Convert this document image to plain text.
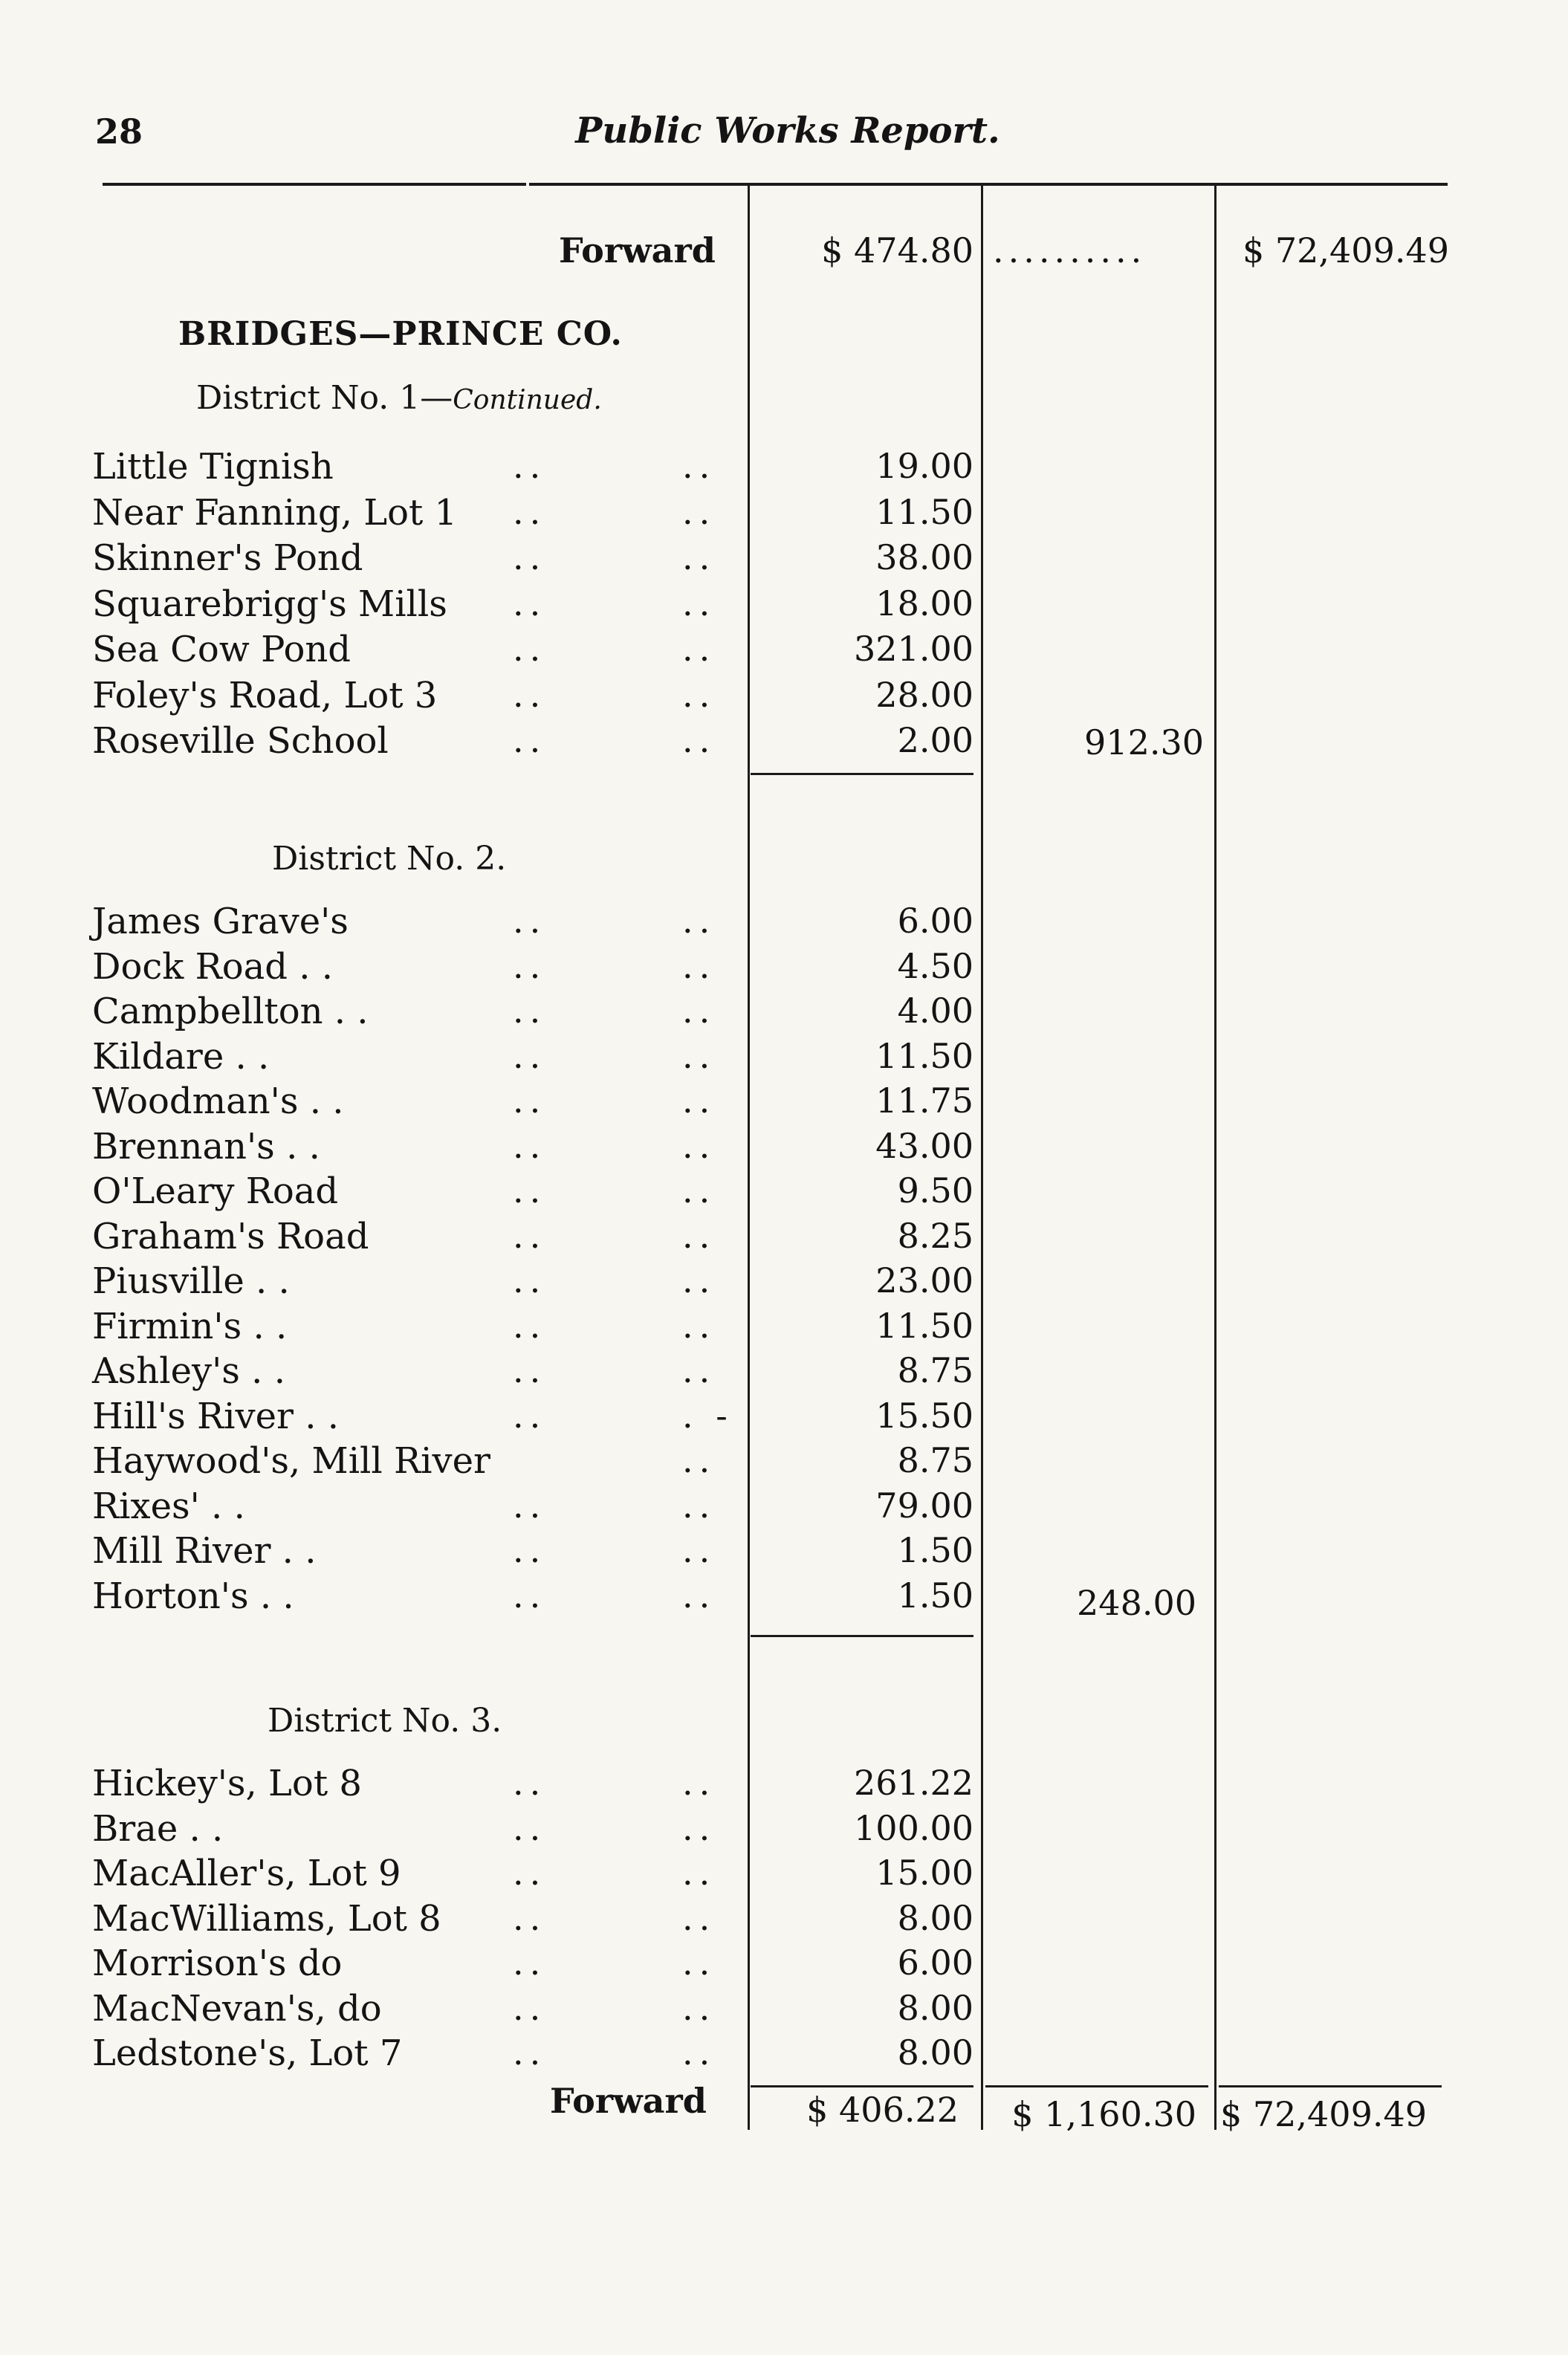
28	Public Works Report.
Forward	$ 474.80 ..........	$ 72,409.49
BRIDGES—PRINCE CO.
District No. 1—Continued.
Little Tignish	..	..	19.00
Near Fanning, Lot 1 ..	..	11.50
Skinner's Pond	..	..	38.00
Squarebrigg's Mills ..	..	18.00
Sea Cow Pond	..	..	321.00
Foley's Road, Lot 3 ..	..	28.00
Roseville School	..	..	2.00	912.30
District No. 2.
James Grave's	..	..	6.00
Dock Road . .	..	..	4.50
Campbellton . .	..	..	4.00
Kildare . .	..	..	11.50
Woodman's . .	..	..	11.75
Brennan's . .	..	..	43.00
O'Leary Road	..	..	9.50
Graham's Road	..	..	8.25
Piusville . .	..	..	23.00
Firmin's . .	..	..	11.50
Ashley's . .	..	..	8.75
Hill's River . .	..	. -	15.50
Haywood's, Mill River	..	8.75
Rixes' . .	..	..	79.00
Mill River . .	..	..	1.50
Horton's . .	..	..	1.50	248.00
District No. 3.
Hickey's, Lot 8	..	..	261.22
Brae . .	..	..	100.00
MacAller's, Lot 9	..	..	15.00
MacWilliams, Lot 8 ..	..	8.00
Morrison's do	..	..	6.00
MacNevan's, do	..	..	8.00
Ledstone's, Lot 7	..	..	8.00
Forward	$ 406.22 $ 1,160.30 $ 72,409.49
